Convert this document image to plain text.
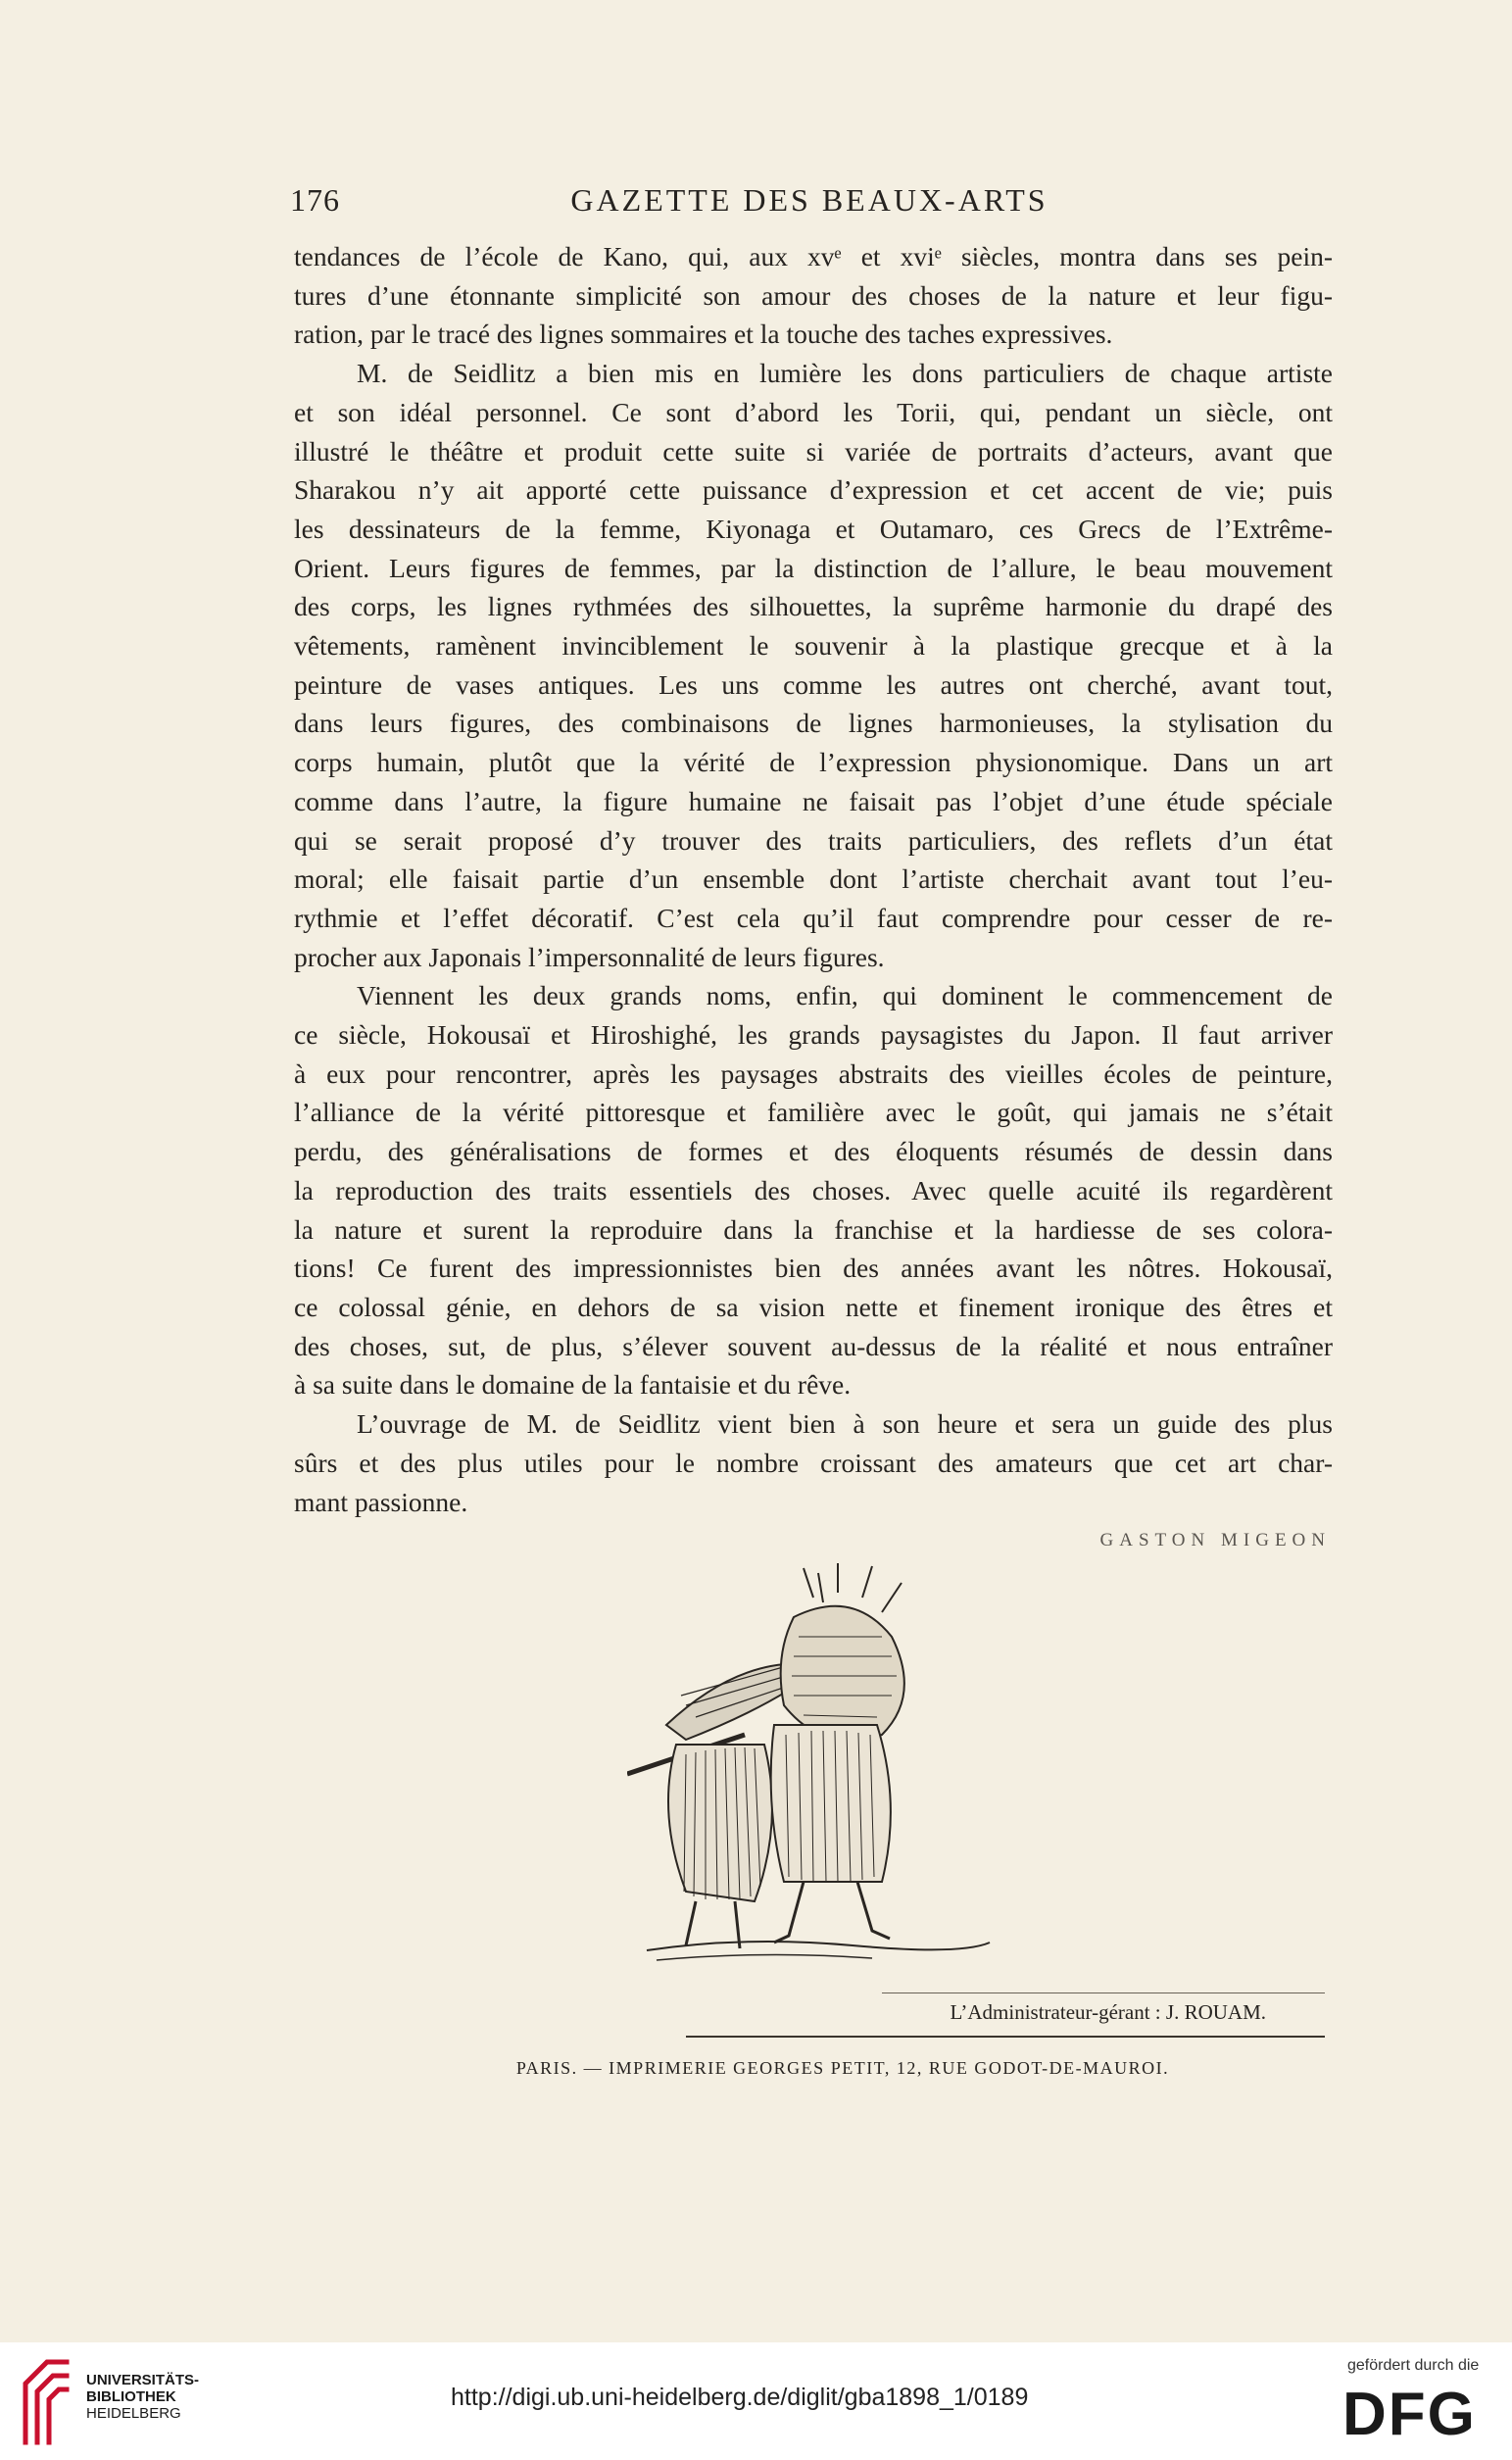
176	GAZETTE DES BEAUX-ARTS
tendances de l’école de Kano, qui, aux xvᵉ et xviᵉ siècles, montra dans ses pein-
tures d’une étonnante simplicité son amour des choses de la nature et leur figu-
ration, par le tracé des lignes sommaires et la touche des taches expressives.
M. de Seidlitz a bien mis en lumière les dons particuliers de chaque artiste
et son idéal personnel. Ce sont d’abord les Torii, qui, pendant un siècle, ont
illustré le théâtre et produit cette suite si variée de portraits d’acteurs, avant que
Sharakou n’y ait apporté cette puissance d’expression et cet accent de vie; puis
les dessinateurs de la femme, Kiyonaga et Outamaro, ces Grecs de l’Extrême-
Orient. Leurs figures de femmes, par la distinction de l’allure, le beau mouvement
des corps, les lignes rythmées des silhouettes, la suprême harmonie du drapé des
vêtements, ramènent invinciblement le souvenir à la plastique grecque et à la
peinture de vases antiques. Les uns comme les autres ont cherché, avant tout,
dans leurs figures, des combinaisons de lignes harmonieuses, la stylisation du
corps humain, plutôt que la vérité de l’expression physionomique. Dans un art
comme dans l’autre, la figure humaine ne faisait pas l’objet d’une étude spéciale
qui se serait proposé d’y trouver des traits particuliers, des reflets d’un état
moral; elle faisait partie d’un ensemble dont l’artiste cherchait avant tout l’eu-
rythmie et l’effet décoratif. C’est cela qu’il faut comprendre pour cesser de re-
procher aux Japonais l’impersonnalité de leurs figures.
Viennent les deux grands noms, enfin, qui dominent le commencement de
ce siècle, Hokousaï et Hiroshighé, les grands paysagistes du Japon. Il faut arriver
à eux pour rencontrer, après les paysages abstraits des vieilles écoles de peinture,
l’alliance de la vérité pittoresque et familière avec le goût, qui jamais ne s’était
perdu, des généralisations de formes et des éloquents résumés de dessin dans
la reproduction des traits essentiels des choses. Avec quelle acuité ils regardèrent
la nature et surent la reproduire dans la franchise et la hardiesse de ses colora-
tions! Ce furent des impressionnistes bien des années avant les nôtres. Hokousaï,
ce colossal génie, en dehors de sa vision nette et finement ironique des êtres et
des choses, sut, de plus, s’élever souvent au-dessus de la réalité et nous entraîner
à sa suite dans le domaine de la fantaisie et du rêve.
L’ouvrage de M. de Seidlitz vient bien à son heure et sera un guide des plus
sûrs et des plus utiles pour le nombre croissant des amateurs que cet art char-
mant passionne.
GASTON MIGEON
L’Administrateur-gérant : J. ROUAM.
PARIS. — IMPRIMERIE GEORGES PETIT, 12, RUE GODOT-DE-MAUROI.
UNIVERSITÄTS-
BIBLIOTHEK
HEIDELBERG
http://digi.ub.uni-heidelberg.de/diglit/gba1898_1/0189
gefördert durch die
DFG
